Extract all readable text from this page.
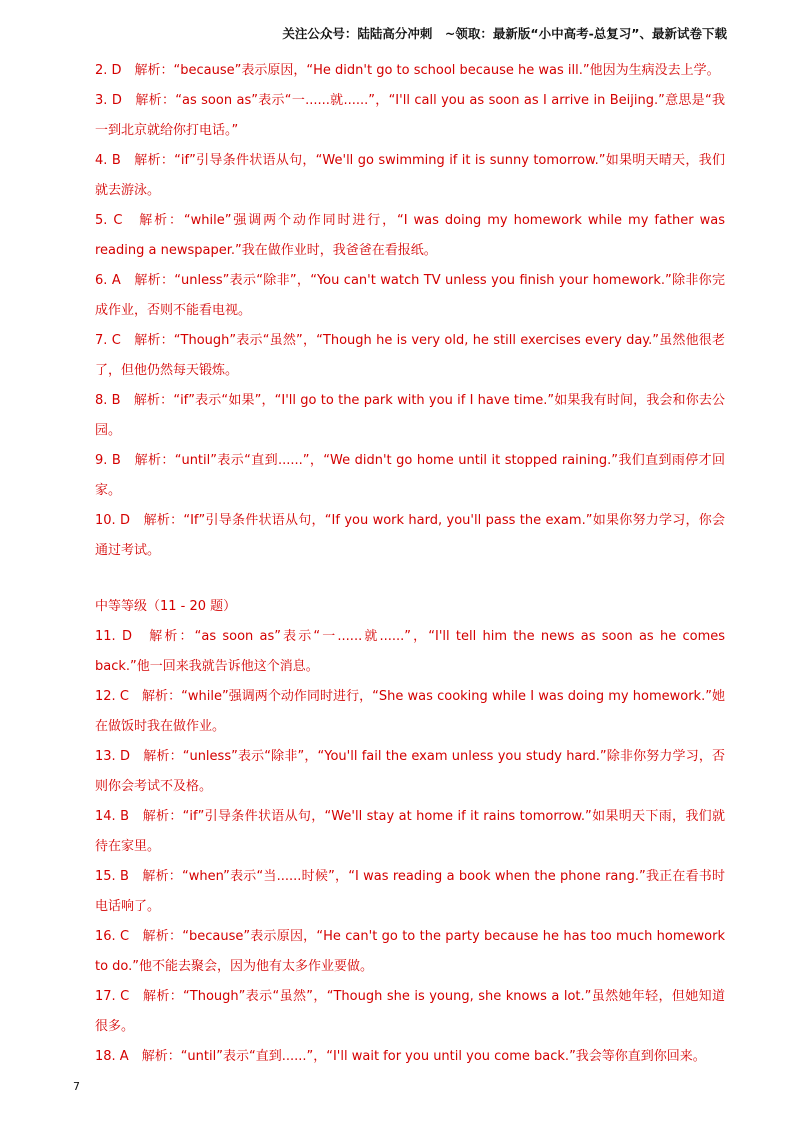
关注公众号：陆陆高分冲刺　~领取：最新版“小中高考-总复习”、最新试卷下载

2. D　解析：“because”表示原因，“He didn't go to school because he was ill.”他因为生病没去上学。

3. D　解析：“as soon as”表示“一......就......”，“I'll call you as soon as I arrive in Beijing.”意思是“我一到北京就给你打电话。”

4. B　解析：“if”引导条件状语从句，“We'll go swimming if it is sunny tomorrow.”如果明天晴天，我们就去游泳。

5. C　解析：“while”强调两个动作同时进行，“I was doing my homework while my father was reading a newspaper.”我在做作业时，我爸爸在看报纸。

6. A　解析：“unless”表示“除非”，“You can't watch TV unless you finish your homework.”除非你完成作业，否则不能看电视。

7. C　解析：“Though”表示“虽然”，“Though he is very old, he still exercises every day.”虽然他很老了，但他仍然每天锻炼。

8. B　解析：“if”表示“如果”，“I'll go to the park with you if I have time.”如果我有时间，我会和你去公园。

9. B　解析：“until”表示“直到......”，“We didn't go home until it stopped raining.”我们直到雨停才回家。

10. D　解析：“If”引导条件状语从句，“If you work hard, you'll pass the exam.”如果你努力学习，你会通过考试。

中等等级（11 - 20 题）

11. D　解析：“as soon as”表示“一......就......”，“I'll tell him the news as soon as he comes back.”他一回来我就告诉他这个消息。

12. C　解析：“while”强调两个动作同时进行，“She was cooking while I was doing my homework.”她在做饭时我在做作业。

13. D　解析：“unless”表示“除非”，“You'll fail the exam unless you study hard.”除非你努力学习，否则你会考试不及格。

14. B　解析：“if”引导条件状语从句，“We'll stay at home if it rains tomorrow.”如果明天下雨，我们就待在家里。

15. B　解析：“when”表示“当......时候”，“I was reading a book when the phone rang.”我正在看书时电话响了。

16. C　解析：“because”表示原因，“He can't go to the party because he has too much homework to do.”他不能去聚会，因为他有太多作业要做。

17. C　解析：“Though”表示“虽然”，“Though she is young, she knows a lot.”虽然她年轻，但她知道很多。

18. A　解析：“until”表示“直到......”，“I'll wait for you until you come back.”我会等你直到你回来。

7
